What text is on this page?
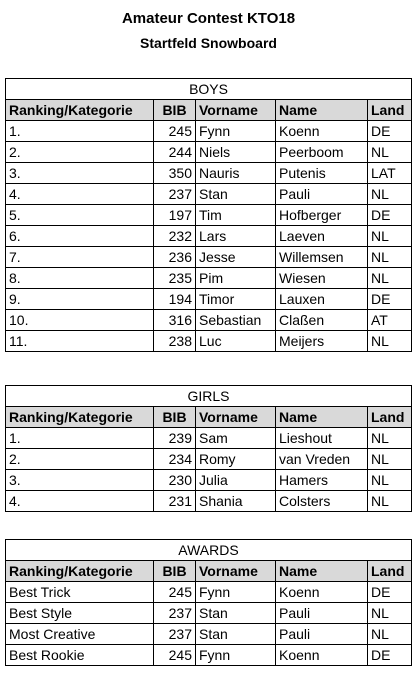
Amateur Contest KTO18
Startfeld Snowboard
BOYS				
Ranking/Kategorie	BIB	Vorname	Name	Land
1.	245	Fynn	Koenn	DE
2.	244	Niels	Peerboom	NL
3.	350	Nauris	Putenis	LAT
4.	237	Stan	Pauli	NL
5.	197	Tim	Hofberger	DE
6.	232	Lars	Laeven	NL
7.	236	Jesse	Willemsen	NL
8.	235	Pim	Wiesen	NL
9.	194	Timor	Lauxen	DE
10.	316	Sebastian	Claßen	AT
11.	238	Luc	Meijers	NL
GIRLS				
Ranking/Kategorie	BIB	Vorname	Name	Land
1.	239	Sam	Lieshout	NL
2.	234	Romy	van Vreden	NL
3.	230	Julia	Hamers	NL
4.	231	Shania	Colsters	NL
AWARDS				
Ranking/Kategorie	BIB	Vorname	Name	Land
Best Trick	245	Fynn	Koenn	DE
Best Style	237	Stan	Pauli	NL
Most Creative	237	Stan	Pauli	NL
Best Rookie	245	Fynn	Koenn	DE
